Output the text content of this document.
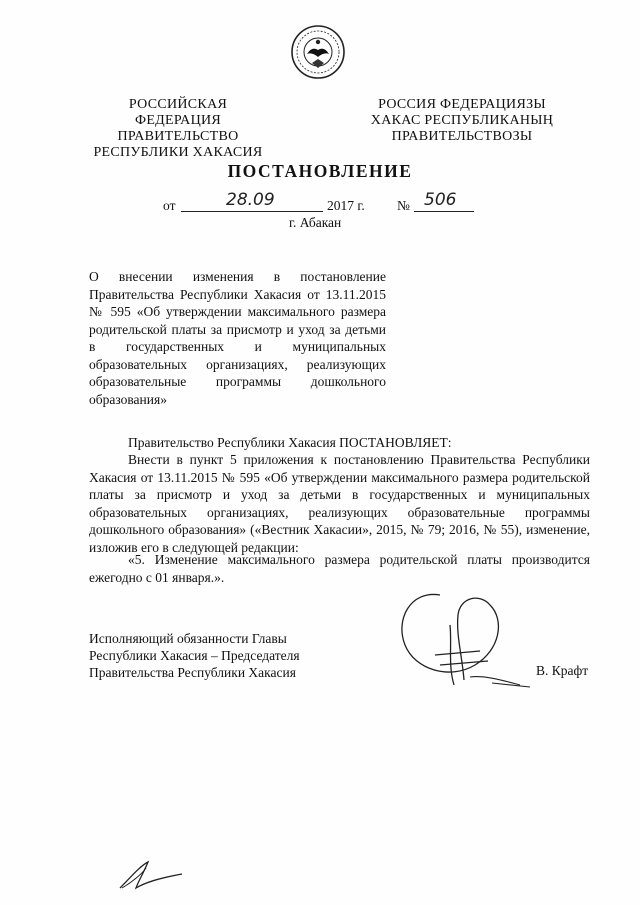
РОССИЙСКАЯ ФЕДЕРАЦИЯ
ПРАВИТЕЛЬСТВО
РЕСПУБЛИКИ ХАКАСИЯ
РОССИЯ ФЕДЕРАЦИЯЗЫ
ХАКАС РЕСПУБЛИКАНЫҢ
ПРАВИТЕЛЬСТВОЗЫ
ПОСТАНОВЛЕНИЕ
от	28.09	2017 г. № 506
г. Абакан
О внесении изменения в постановление Правительства Республики Хакасия от 13.11.2015 № 595 «Об утверждении максимального размера родительской платы за присмотр и уход за детьми в государственных и муниципальных образовательных организациях, реализующих образовательные программы дошкольного образования»
Правительство Республики Хакасия ПОСТАНОВЛЯЕТ:
Внести в пункт 5 приложения к постановлению Правительства Республики Хакасия от 13.11.2015 № 595 «Об утверждении максимального размера родительской платы за присмотр и уход за детьми в государственных и муниципальных образовательных организациях, реализующих образовательные программы дошкольного образования» («Вестник Хакасии», 2015, № 79; 2016, № 55), изменение, изложив его в следующей редакции:
«5. Изменение максимального размера родительской платы производится ежегодно с 01 января.».
Исполняющий обязанности Главы
Республики Хакасия – Председателя
Правительства Республики Хакасия	В. Крафт
